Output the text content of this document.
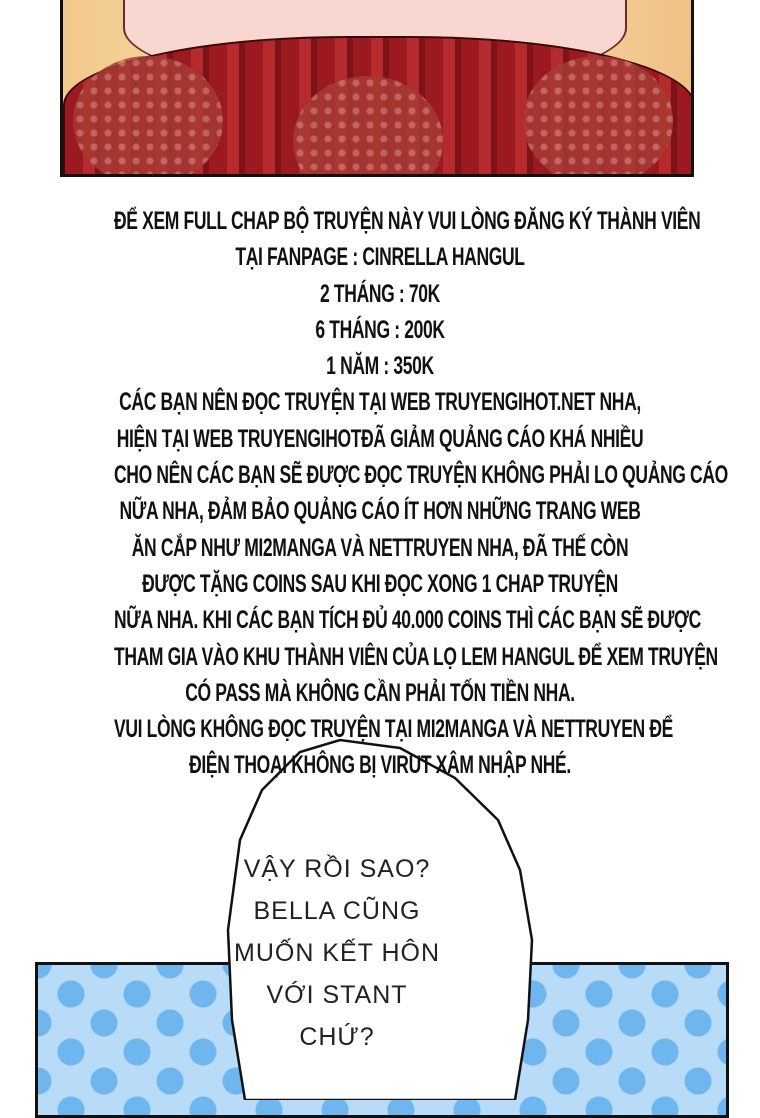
ĐỂ XEM FULL CHAP BỘ TRUYỆN NÀY VUI LÒNG ĐĂNG KÝ THÀNH VIÊN
TẠI FANPAGE : CINRELLA HANGUL
2 THÁNG : 70K
6 THÁNG : 200K
1 NĂM : 350K
CÁC BẠN NÊN ĐỌC TRUYỆN TẠI WEB TRUYENGIHOT.NET NHA,
HIỆN TẠI WEB TRUYENGIHOTĐÃ GIẢM QUẢNG CÁO KHÁ NHIỀU
CHO NÊN CÁC BẠN SẼ ĐƯỢC ĐỌC TRUYỆN KHÔNG PHẢI LO QUẢNG CÁO
NỮA NHA, ĐẢM BẢO QUẢNG CÁO ÍT HƠN NHỮNG TRANG WEB
ĂN CẮP NHƯ MI2MANGA VÀ NETTRUYEN NHA, ĐÃ THẾ CÒN
ĐƯỢC TẶNG COINS SAU KHI ĐỌC XONG 1 CHAP TRUYỆN
NỮA NHA. KHI CÁC BẠN TÍCH ĐỦ 40.000 COINS THÌ CÁC BẠN SẼ ĐƯỢC
THAM GIA VÀO KHU THÀNH VIÊN CỦA LỌ LEM HANGUL ĐỂ XEM TRUYỆN
CÓ PASS MÀ KHÔNG CẦN PHẢI TỐN TIỀN NHA.
VUI LÒNG KHÔNG ĐỌC TRUYỆN TẠI MI2MANGA VÀ NETTRUYEN ĐỂ
ĐIỆN THOẠI KHÔNG BỊ VIRUT XÂM NHẬP NHÉ.
VẬY RỒI SAO?
BELLA CŨNG
MUỐN KẾT HÔN
VỚI STANT CHỨ?
